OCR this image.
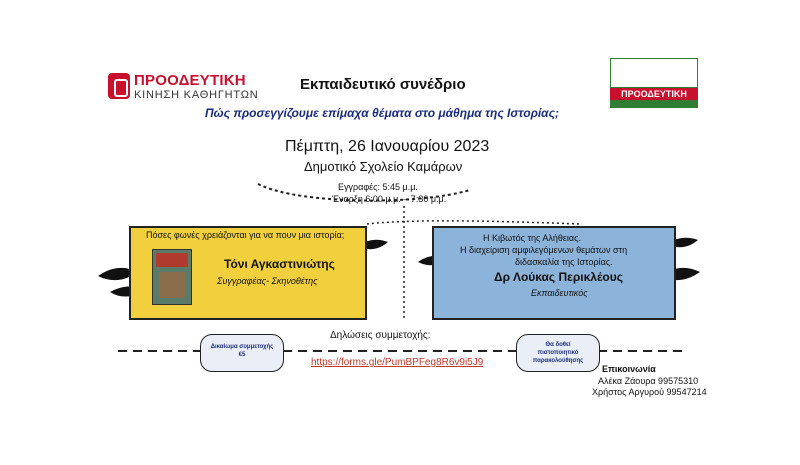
ΠΡΟΟΔΕΥΤΙΚΗ
ΚΙΝΗΣΗ ΚΑΘΗΓΗΤΩΝ	ΠΡΟΟΔΕΥΤΙΚΗ
Εκπαιδευτικό συνέδριο
Πώς προσεγγίζουμε επίμαχα θέματα στο μάθημα της Ιστορίας;
Πέμπτη, 26 Ιανουαρίου 2023
Δημοτικό Σχολείο Καμάρων
Εγγραφές: 5:45 μ.μ.
Έναρξη 6:00 μ.μ. – 7:30 μ.μ.
Πόσες φωνές χρειάζονται για να πουν μια ιστορία;
Τόνι Αγκαστινιώτης
Συγγραφέας- Σκηνοθέτης
Η Κιβωτός της Αλήθειας.
Η διαχείριση αμφιλεγόμενων θεμάτων στη
διδασκαλία της Ιστορίας.
Δρ Λούκας Περικλέους
Εκπαιδευτικός
Δηλώσεις συμμετοχής:
https://forms.gle/PumBPFeg8R6v9i5J9
Δικαίωμα συμμετοχής
€5
Θα δοθεί
πιστοποιητικό
παρακολούθησης
Επικοινωνία
Αλέκα Ζάουρα 99575310
Χρήστος Αργυρού 99547214
